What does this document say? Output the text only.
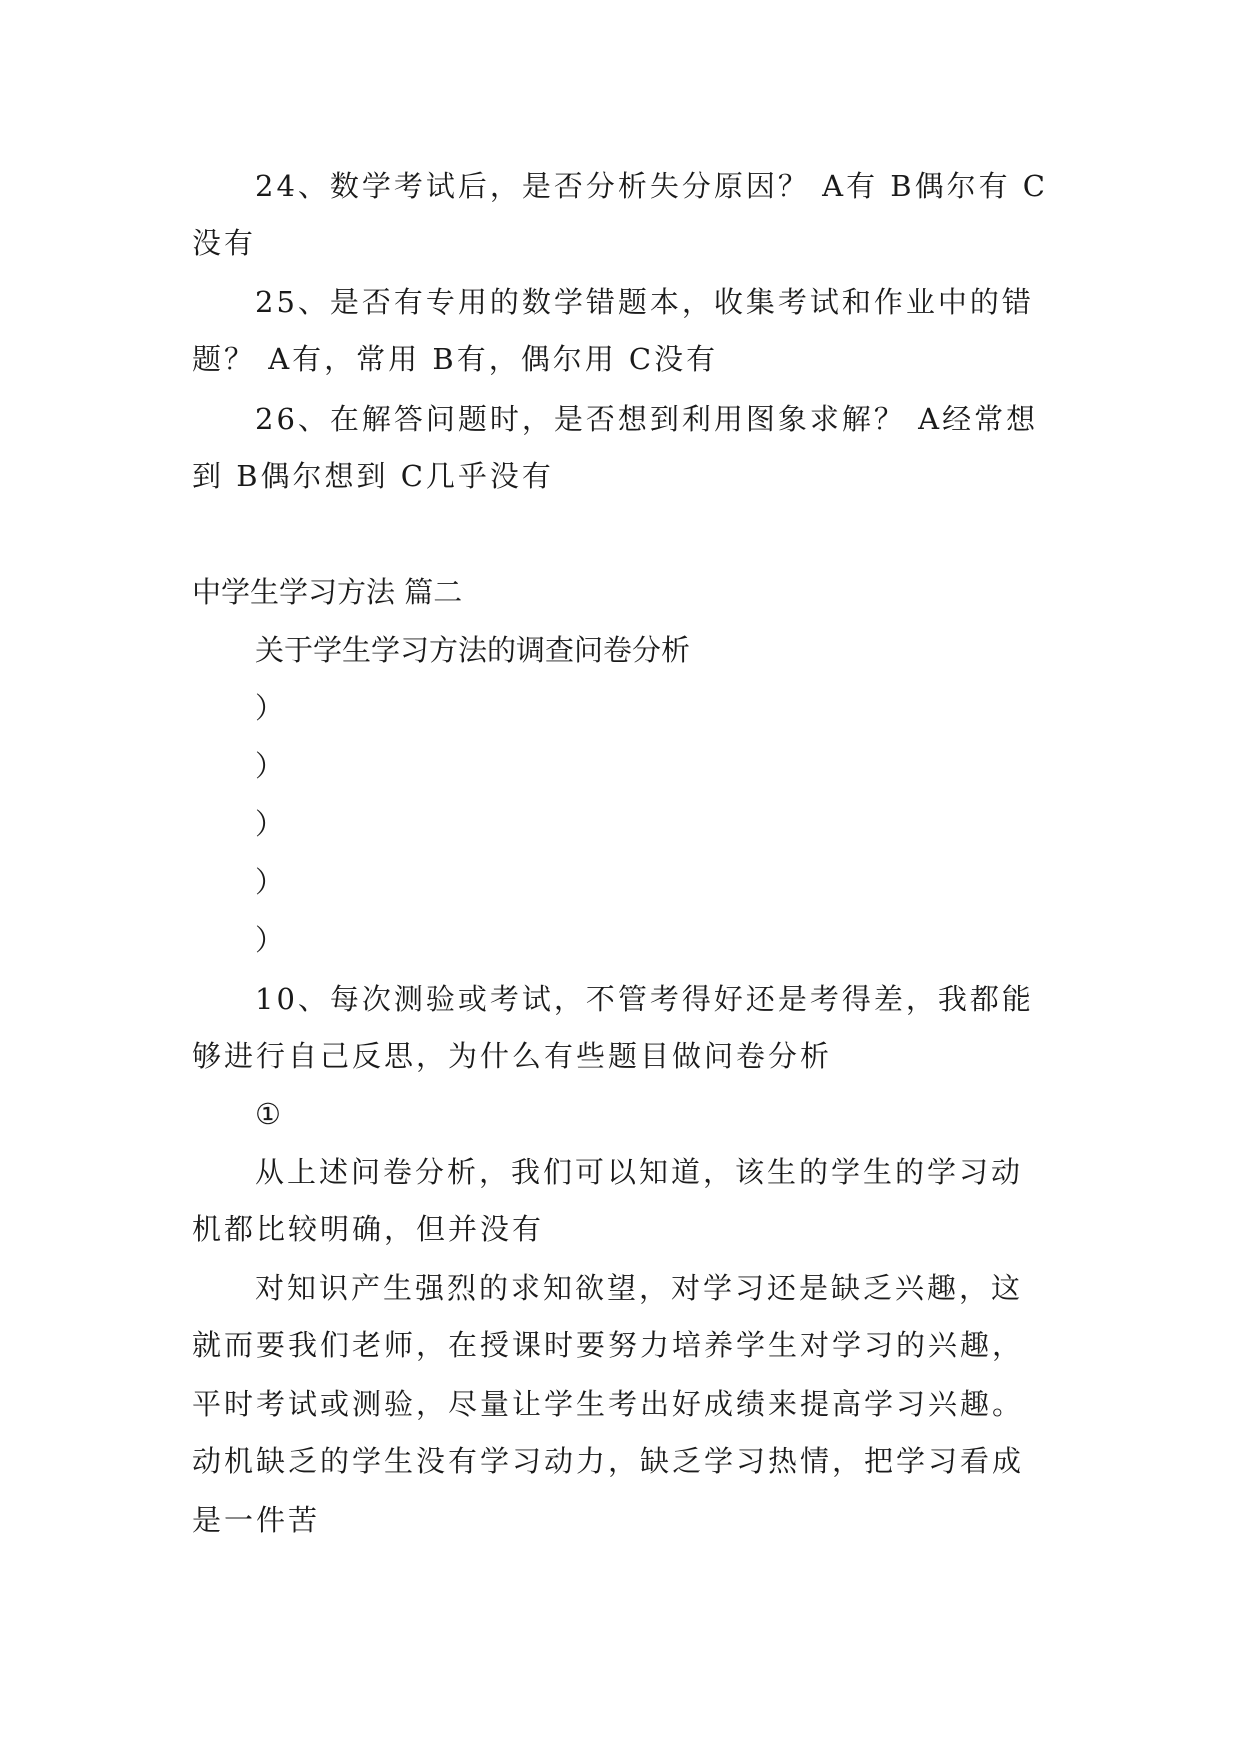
24、数学考试后，是否分析失分原因？ A有 B偶尔有 C
没有
25、是否有专用的数学错题本，收集考试和作业中的错
题？ A有，常用 B有，偶尔用 C没有
26、在解答问题时，是否想到利用图象求解？ A经常想
到 B偶尔想到 C几乎没有
中学生学习方法 篇二
关于学生学习方法的调查问卷分析
）
）
）
）
）
10、每次测验或考试，不管考得好还是考得差，我都能
够进行自己反思，为什么有些题目做问卷分析
①
从上述问卷分析，我们可以知道，该生的学生的学习动
机都比较明确，但并没有
对知识产生强烈的求知欲望，对学习还是缺乏兴趣，这
就而要我们老师，在授课时要努力培养学生对学习的兴趣，
平时考试或测验，尽量让学生考出好成绩来提高学习兴趣。
动机缺乏的学生没有学习动力，缺乏学习热情，把学习看成
是一件苦
